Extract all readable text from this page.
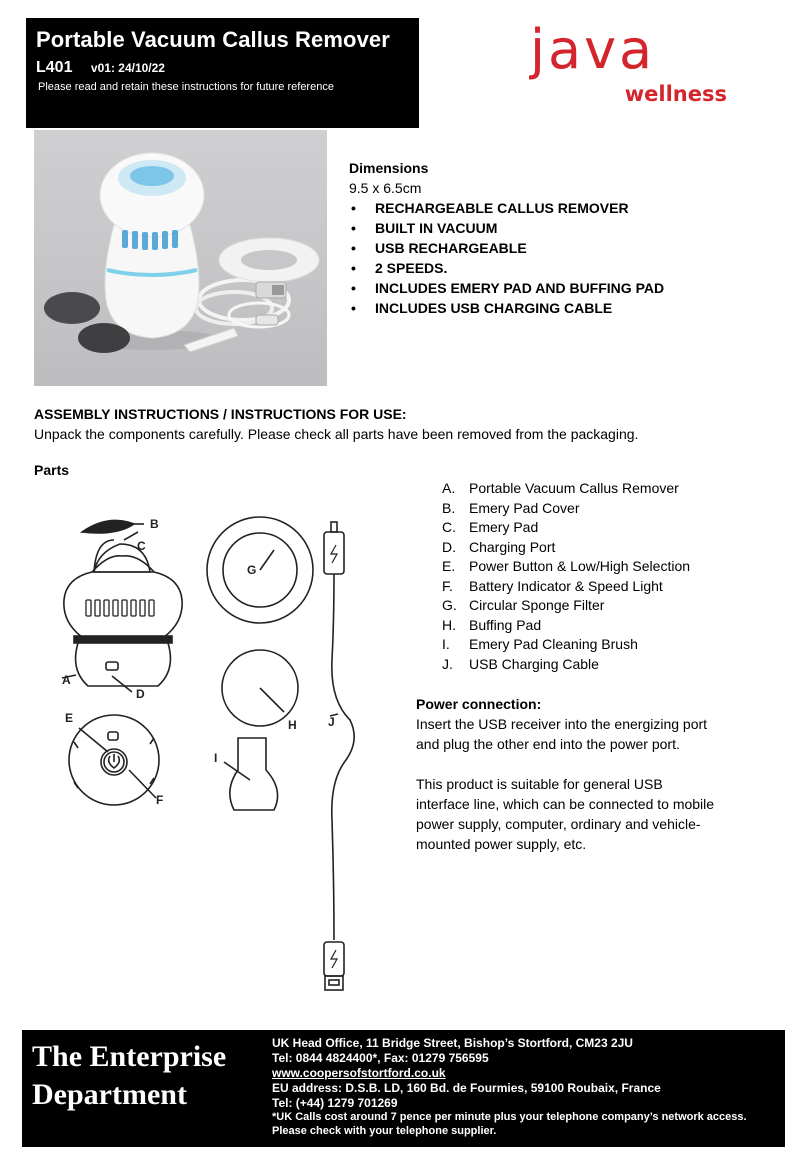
Portable Vacuum Callus Remover
L401 v01: 24/10/22
Please read and retain these instructions for future reference
java
wellness
Dimensions
9.5 x 6.5cm
• RECHARGEABLE CALLUS REMOVER
• BUILT IN VACUUM
• USB RECHARGEABLE
• 2 SPEEDS.
• INCLUDES EMERY PAD AND BUFFING PAD
• INCLUDES USB CHARGING CABLE
ASSEMBLY INSTRUCTIONS / INSTRUCTIONS FOR USE:
Unpack the components carefully. Please check all parts have been removed from the packaging.
Parts
B
C
A
D
E
F
G
H
I
J
A. Portable Vacuum Callus Remover
B. Emery Pad Cover
C. Emery Pad
D. Charging Port
E. Power Button & Low/High Selection
F. Battery Indicator & Speed Light
G. Circular Sponge Filter
H. Buffing Pad
I. Emery Pad Cleaning Brush
J. USB Charging Cable
Power connection:

Insert the USB receiver into the energizing port and plug the other end into the power port.

This product is suitable for general USB interface line, which can be connected to mobile power supply, computer, ordinary and vehicle-mounted power supply, etc.

The Enterprise Department
UK Head Office, 11 Bridge Street, Bishop’s Stortford, CM23 2JU
Tel: 0844 4824400*, Fax: 01279 756595
www.coopersofstortford.co.uk
EU address: D.S.B. LD, 160 Bd. de Fourmies, 59100 Roubaix, France
Tel: (+44) 1279 701269
*UK Calls cost around 7 pence per minute plus your telephone company’s network access.
Please check with your telephone supplier.
